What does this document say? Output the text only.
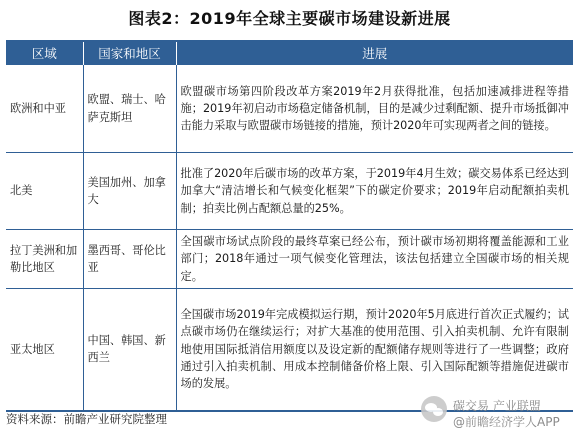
图表2：2019年全球主要碳市场建设新进展
区域	国家和地区	进展
欧洲和中亚	欧盟、瑞士、哈萨克斯坦	欧盟碳市场第四阶段改革方案2019年2月获得批准，包括加速减排进程等措施；2019年初启动市场稳定储备机制，目的是减少过剩配额、提升市场抵御冲击能力采取与欧盟碳市场链接的措施，预计2020年可实现两者之间的链接。
北美	美国加州、加拿大	批准了2020年后碳市场的改革方案，于2019年4月生效；碳交易体系已经达到加拿大“清洁增长和气候变化框架”下的碳定价要求；2019年启动配额拍卖机制；拍卖比例占配额总量的25%。
拉丁美洲和加勒比地区	墨西哥、哥伦比亚	全国碳市场试点阶段的最终草案已经公布，预计碳市场初期将覆盖能源和工业部门；2018年通过一项气候变化管理法，该法包括建立全国碳市场的相关规定。
亚太地区	中国、韩国、新西兰	全国碳市场2019年完成模拟运行期，预计2020年5月底进行首次正式履约；试点碳市场仍在继续运行；对扩大基准的使用范围、引入拍卖机制、允许有限制地使用国际抵消信用额度以及设定新的配额储存规则等进行了一些调整；政府通过引入拍卖机制、用成本控制储备价格上限、引入国际配额等措施促进碳市场的发展。
资料来源：前瞻产业研究院整理
碳交易 产业联盟
@前瞻经济学人APP
